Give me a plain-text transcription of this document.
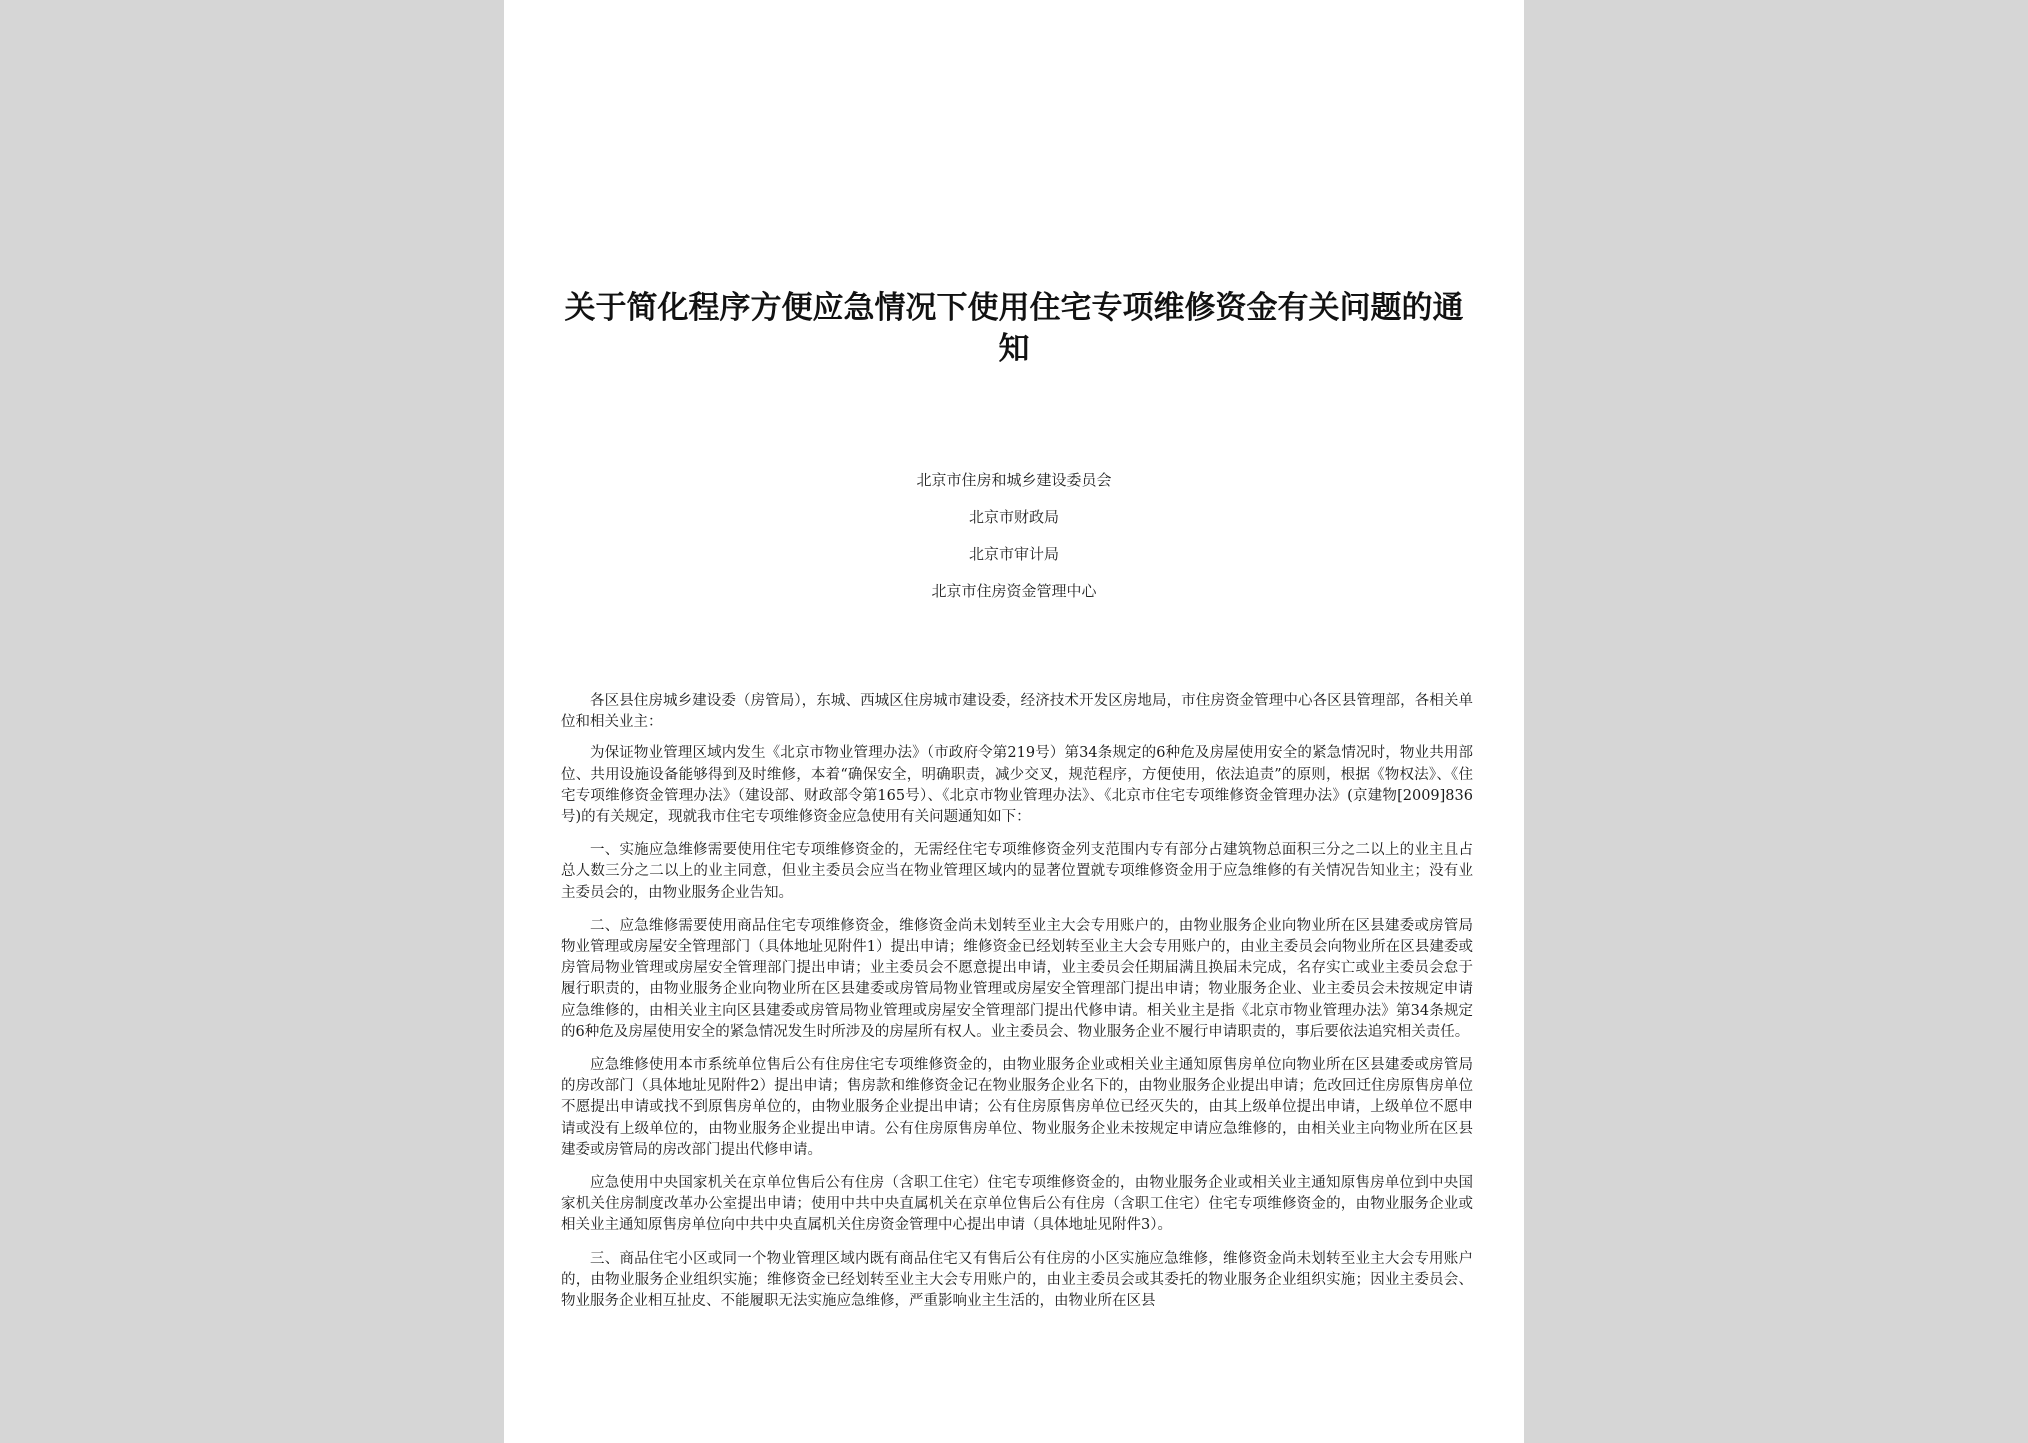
关于简化程序方便应急情况下使用住宅专项维修资金有关问题的通知
北京市住房和城乡建设委员会
北京市财政局
北京市审计局
北京市住房资金管理中心

各区县住房城乡建设委（房管局），东城、西城区住房城市建设委，经济技术开发区房地局，市住房资金管理中心各区县管理部，各相关单位和相关业主：

为保证物业管理区域内发生《北京市物业管理办法》（市政府令第219号）第34条规定的6种危及房屋使用安全的紧急情况时，物业共用部位、共用设施设备能够得到及时维修，本着“确保安全，明确职责，减少交叉，规范程序，方便使用，依法追责”的原则，根据《物权法》、《住宅专项维修资金管理办法》（建设部、财政部令第165号）、《北京市物业管理办法》、《北京市住宅专项维修资金管理办法》(京建物[2009]836号)的有关规定，现就我市住宅专项维修资金应急使用有关问题通知如下：

一、实施应急维修需要使用住宅专项维修资金的，无需经住宅专项维修资金列支范围内专有部分占建筑物总面积三分之二以上的业主且占总人数三分之二以上的业主同意，但业主委员会应当在物业管理区域内的显著位置就专项维修资金用于应急维修的有关情况告知业主；没有业主委员会的，由物业服务企业告知。

二、应急维修需要使用商品住宅专项维修资金，维修资金尚未划转至业主大会专用账户的，由物业服务企业向物业所在区县建委或房管局物业管理或房屋安全管理部门（具体地址见附件1）提出申请；维修资金已经划转至业主大会专用账户的，由业主委员会向物业所在区县建委或房管局物业管理或房屋安全管理部门提出申请；业主委员会不愿意提出申请，业主委员会任期届满且换届未完成，名存实亡或业主委员会怠于履行职责的，由物业服务企业向物业所在区县建委或房管局物业管理或房屋安全管理部门提出申请；物业服务企业、业主委员会未按规定申请应急维修的，由相关业主向区县建委或房管局物业管理或房屋安全管理部门提出代修申请。相关业主是指《北京市物业管理办法》第34条规定的6种危及房屋使用安全的紧急情况发生时所涉及的房屋所有权人。业主委员会、物业服务企业不履行申请职责的，事后要依法追究相关责任。

应急维修使用本市系统单位售后公有住房住宅专项维修资金的，由物业服务企业或相关业主通知原售房单位向物业所在区县建委或房管局的房改部门（具体地址见附件2）提出申请；售房款和维修资金记在物业服务企业名下的，由物业服务企业提出申请；危改回迁住房原售房单位不愿提出申请或找不到原售房单位的，由物业服务企业提出申请；公有住房原售房单位已经灭失的，由其上级单位提出申请，上级单位不愿申请或没有上级单位的，由物业服务企业提出申请。公有住房原售房单位、物业服务企业未按规定申请应急维修的，由相关业主向物业所在区县建委或房管局的房改部门提出代修申请。

应急使用中央国家机关在京单位售后公有住房（含职工住宅）住宅专项维修资金的，由物业服务企业或相关业主通知原售房单位到中央国家机关住房制度改革办公室提出申请；使用中共中央直属机关在京单位售后公有住房（含职工住宅）住宅专项维修资金的，由物业服务企业或相关业主通知原售房单位向中共中央直属机关住房资金管理中心提出申请（具体地址见附件3）。

三、商品住宅小区或同一个物业管理区域内既有商品住宅又有售后公有住房的小区实施应急维修，维修资金尚未划转至业主大会专用账户的，由物业服务企业组织实施；维修资金已经划转至业主大会专用账户的，由业主委员会或其委托的物业服务企业组织实施；因业主委员会、物业服务企业相互扯皮、不能履职无法实施应急维修，严重影响业主生活的，由物业所在区县
